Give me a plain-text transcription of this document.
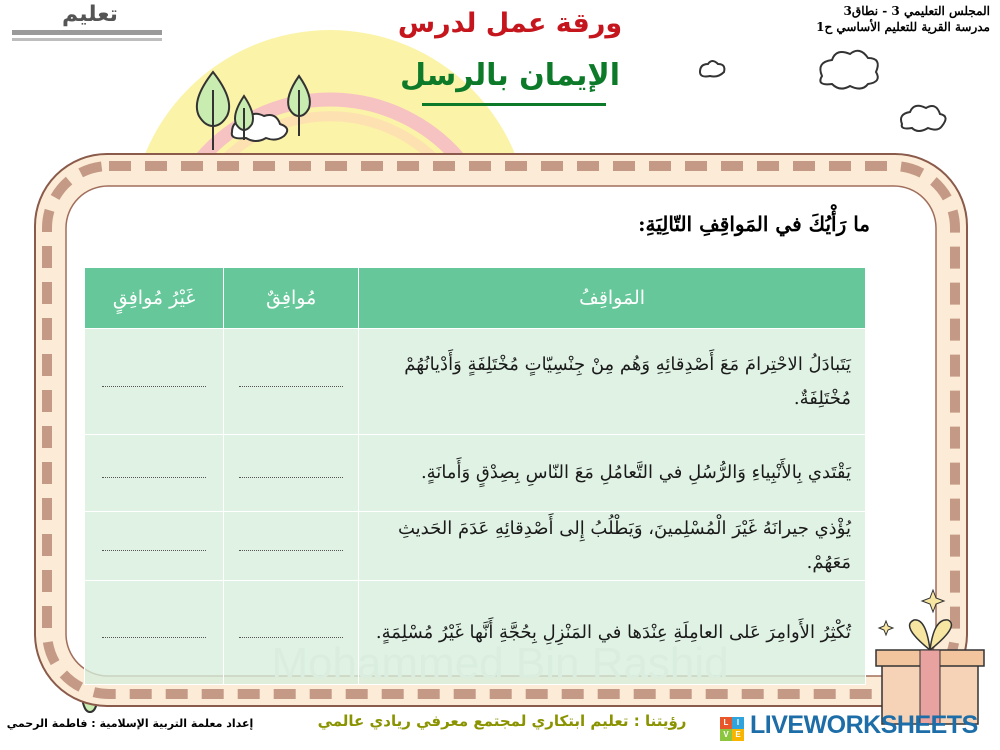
تعليم	المجلس التعليمي 3 - نطاق3
مدرسة القرية للتعليم الأساسي ح1
ورقة عمل لدرس
الإيمان بالرسل
ما رَأْيُكَ في المَواقِفِ التّالِيَةِ:
المَواقِفُ	مُوافِقٌ	غَيْرُ مُوافِقٍ
يَتَبادَلُ الاحْتِرامَ مَعَ أَصْدِقائِهِ وَهُم مِنْ جِنْسِيّاتٍ مُخْتَلِفَةٍ وَأَدْيانُهُمْ مُخْتَلِفَةٌ.		
يَقْتَدي بِالأَنْبِياءِ وَالرُّسُلِ في التَّعامُلِ مَعَ النّاسِ بِصِدْقٍ وَأَمانَةٍ.		
يُؤْذي جيرانَهُ غَيْرَ الْمُسْلِمينَ، وَيَطْلُبُ إِلى أَصْدِقائِهِ عَدَمَ الحَديثِ مَعَهُمْ.		
تُكْثِرُ الأَوامِرَ عَلى العامِلَةِ عِنْدَها في المَنْزِلِ بِحُجَّةِ أَنَّها غَيْرُ مُسْلِمَةٍ.		
رؤيتنا : تعليم ابتكاري لمجتمع معرفي ريادي عالمي
إعداد معلمة التربية الإسلامية : فاطمة الرحمي	L	I
V E LIVEWORKSHEETS
